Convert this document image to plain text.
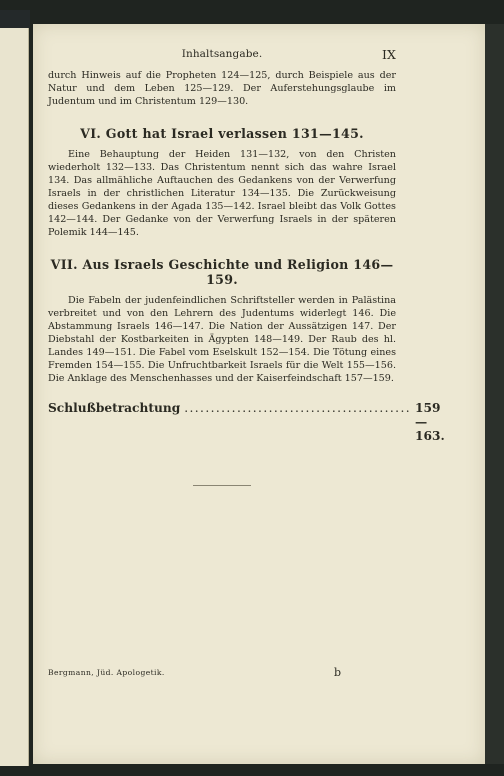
Inhaltsangabe.	IX

durch Hinweis auf die Propheten 124—125, durch Beispiele aus der Natur und dem Leben 125—129. Der Auferstehungsglaube im Judentum und im Christentum 129—130.

VI. Gott hat Israel verlassen 131—145.

Eine Behauptung der Heiden 131—132, von den Christen wiederholt 132—133. Das Christentum nennt sich das wahre Israel 134. Das allmähliche Auftauchen des Gedankens von der Verwerfung Israels in der christlichen Literatur 134—135. Die Zurückweisung dieses Gedankens in der Agada 135—142. Israel bleibt das Volk Gottes 142—144. Der Gedanke von der Verwerfung Israels in der späteren Polemik 144—145.

VII. Aus Israels Geschichte und Religion 146—159.

Die Fabeln der judenfeindlichen Schriftsteller werden in Palästina verbreitet und von den Lehrern des Judentums widerlegt 146. Die Abstammung Israels 146—147. Die Nation der Aussätzigen 147. Der Diebstahl der Kostbarkeiten in Ägypten 148—149. Der Raub des hl. Landes 149—151. Die Fabel vom Eselskult 152—154. Die Tötung eines Fremden 154—155. Die Unfruchtbarkeit Israels für die Welt 155—156. Die Anklage des Menschenhasses und der Kaiserfeindschaft 157—159.

Schlußbetrachtung ........................................... 159—163.
Bergmann, Jüd. Apologetik.	b
